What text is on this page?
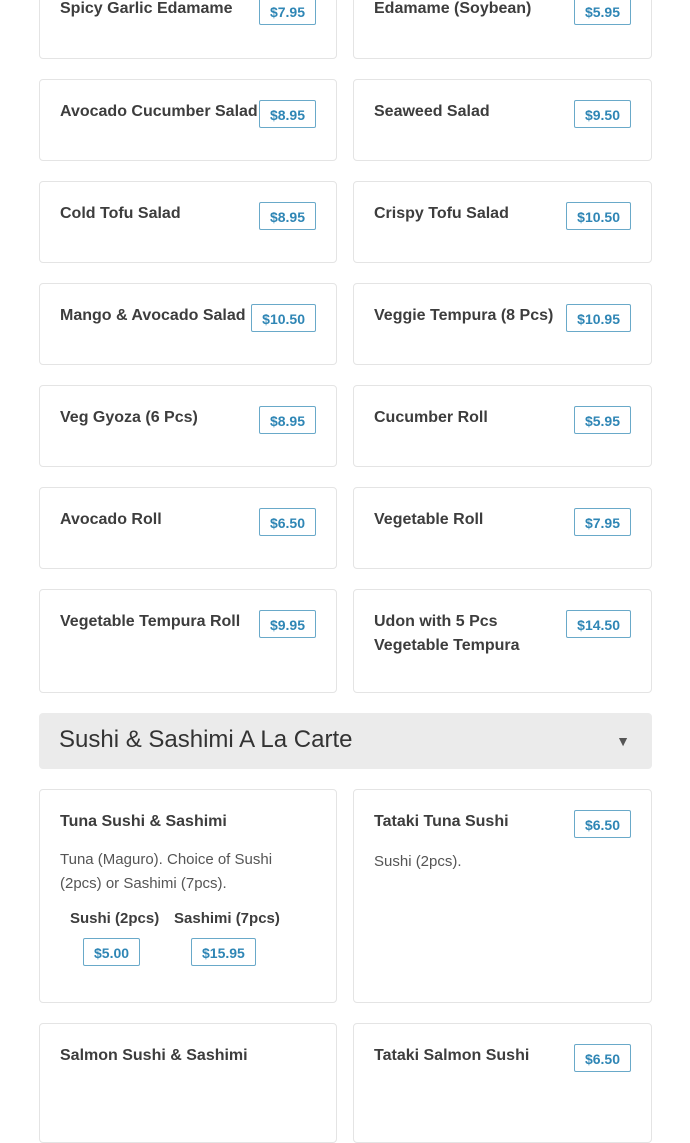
Spicy Garlic Edamame	$7.95	Edamame (Soybean)	$5.95
Avocado Cucumber Salad $8.95	Seaweed Salad	$9.50
Cold Tofu Salad	$8.95	Crispy Tofu Salad	$10.50
Mango & Avocado Salad	$10.50	Veggie Tempura (8 Pcs)	$10.95
Veg Gyoza (6 Pcs)	$8.95	Cucumber Roll	$5.95
Avocado Roll	$6.50	Vegetable Roll	$7.95
Vegetable Tempura Roll	$9.95	Udon with 5 Pcs Vegetable Tempura
$14.50
Sushi & Sashimi A La Carte	▼
Tuna Sushi & Sashimi
Tuna (Maguro). Choice of Sushi (2pcs) or Sashimi (7pcs).
Sushi (2pcs)
$5.00
Sashimi (7pcs)
$15.95
Tataki Tuna Sushi	$6.50
Sushi (2pcs).
Salmon Sushi & Sashimi	Tataki Salmon Sushi	$6.50
